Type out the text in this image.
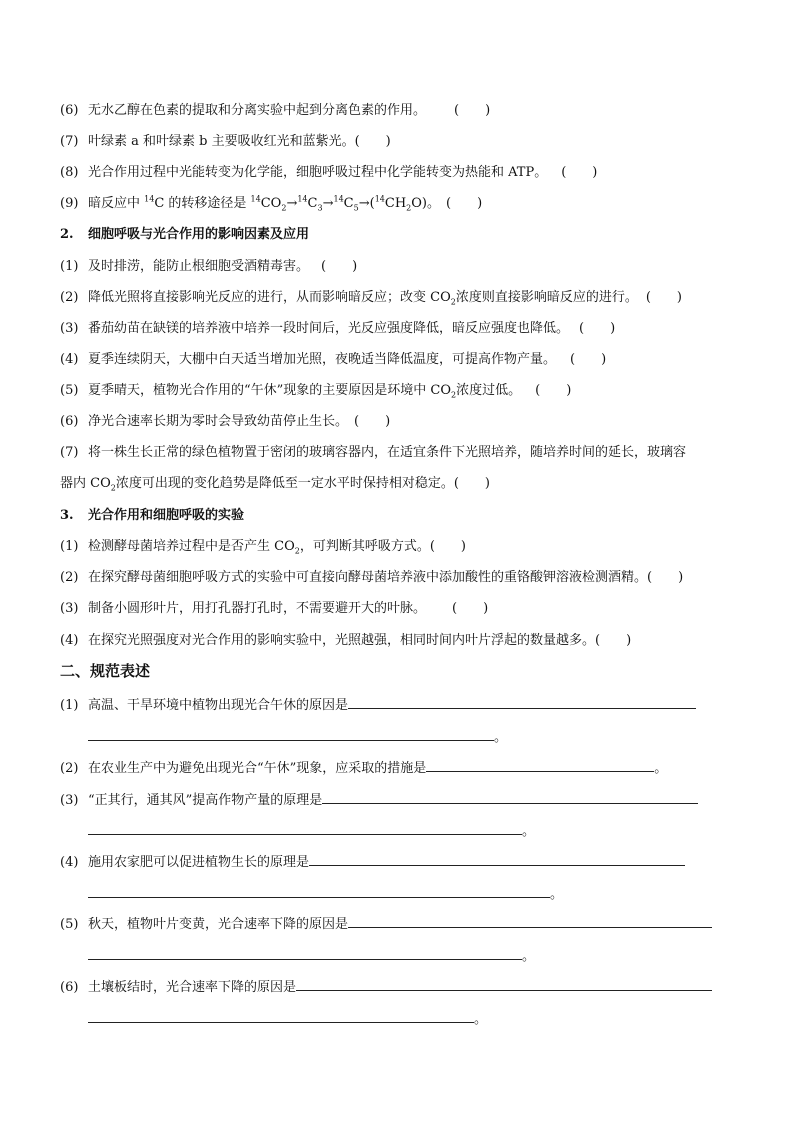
(6) 无水乙醇在色素的提取和分离实验中起到分离色素的作用。 (　　)
(7) 叶绿素 a 和叶绿素 b 主要吸收红光和蓝紫光。(　　)
(8) 光合作用过程中光能转变为化学能，细胞呼吸过程中化学能转变为热能和 ATP。 (　　)
(9) 暗反应中 $^{14}$C 的转移途径是 $^{14}CO_2\to^{14}C_3\to^{14}C_5\to(^{14}CH_2O)$。 (　　)
2. 细胞呼吸与光合作用的影响因素及应用
(1) 及时排涝，能防止根细胞受酒精毒害。 (　　)
(2) 降低光照将直接影响光反应的进行，从而影响暗反应；改变 $CO_2$浓度则直接影响暗反应的进行。 (　　)
(3) 番茄幼苗在缺镁的培养液中培养一段时间后，光反应强度降低，暗反应强度也降低。 (　　)
(4) 夏季连续阴天，大棚中白天适当增加光照，夜晚适当降低温度，可提高作物产量。 (　　)
(5) 夏季晴天，植物光合作用的“午休”现象的主要原因是环境中 $CO_2$浓度过低。 (　　)
(6) 净光合速率长期为零时会导致幼苗停止生长。 (　　)
(7) 将一株生长正常的绿色植物置于密闭的玻璃容器内，在适宜条件下光照培养，随培养时间的延长，玻璃容
器内 $CO_2$浓度可出现的变化趋势是降低至一定水平时保持相对稳定。(　　)
3. 光合作用和细胞呼吸的实验
(1) 检测酵母菌培养过程中是否产生 $CO_2$，可判断其呼吸方式。(　　)
(2) 在探究酵母菌细胞呼吸方式的实验中可直接向酵母菌培养液中添加酸性的重铬酸钾溶液检测酒精。(　　)
(3) 制备小圆形叶片，用打孔器打孔时，不需要避开大的叶脉。 (　　)
(4) 在探究光照强度对光合作用的影响实验中，光照越强，相同时间内叶片浮起的数量越多。(　　)
二、规范表述
(1) 高温、干旱环境中植物出现光合午休的原因是
。
(2) 在农业生产中为避免出现光合“午休”现象，应采取的措施是	。
(3) “正其行，通其风”提高作物产量的原理是
。
(4) 施用农家肥可以促进植物生长的原理是
。
(5) 秋天，植物叶片变黄，光合速率下降的原因是
。
(6) 土壤板结时，光合速率下降的原因是
。
